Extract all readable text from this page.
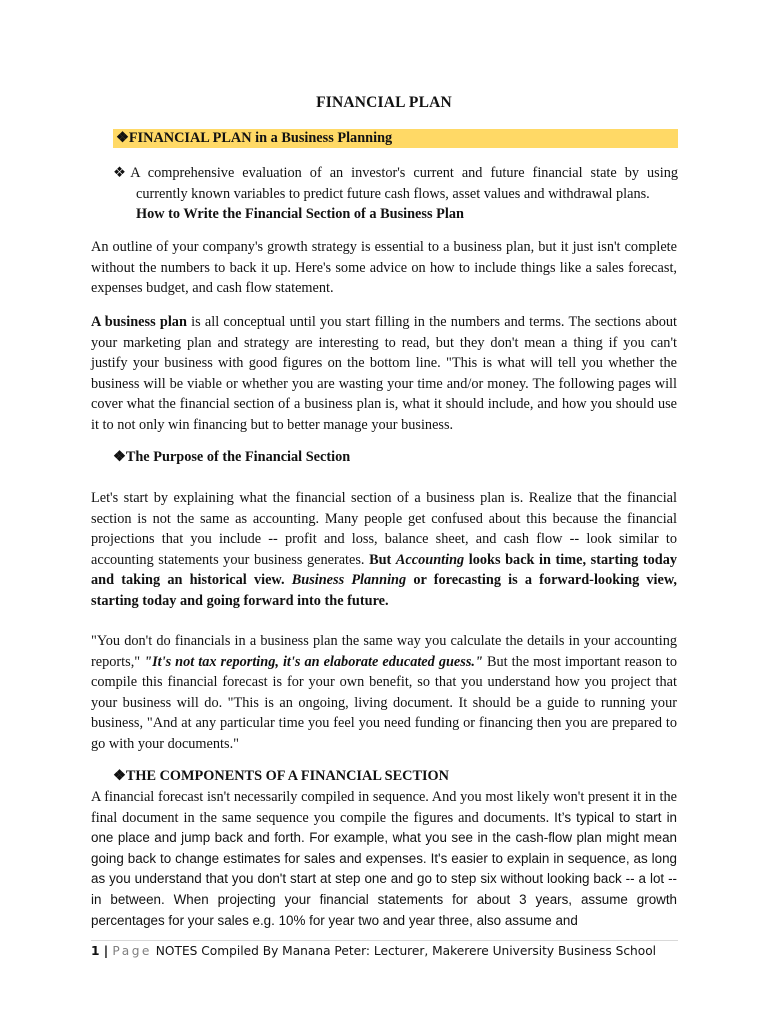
FINANCIAL PLAN
❖FINANCIAL PLAN in a Business Planning
❖A comprehensive evaluation of an investor's current and future financial state by using
currently known variables to predict future cash flows, asset values and withdrawal plans.
How to Write the Financial Section of a Business Plan

An outline of your company's growth strategy is essential to a business plan, but it just isn't complete without the numbers to back it up. Here's some advice on how to include things like a sales forecast, expenses budget, and cash flow statement.

A business plan is all conceptual until you start filling in the numbers and terms. The sections about your marketing plan and strategy are interesting to read, but they don't mean a thing if you can't justify your business with good figures on the bottom line. "This is what will tell you whether the business will be viable or whether you are wasting your time and/or money. The following pages will cover what the financial section of a business plan is, what it should include, and how you should use it to not only win financing but to better manage your business.

❖The Purpose of the Financial Section

Let's start by explaining what the financial section of a business plan is. Realize that the financial section is not the same as accounting. Many people get confused about this because the financial projections that you include -- profit and loss, balance sheet, and cash flow -- look similar to accounting statements your business generates. But Accounting looks back in time, starting today and taking an historical view. Business Planning or forecasting is a forward-looking view, starting today and going forward into the future.

"You don't do financials in a business plan the same way you calculate the details in your accounting reports," "It's not tax reporting, it's an elaborate educated guess." But the most important reason to compile this financial forecast is for your own benefit, so that you understand how you project that your business will do. "This is an ongoing, living document. It should be a guide to running your business, "And at any particular time you feel you need funding or financing then you are prepared to go with your documents."

❖THE COMPONENTS OF A FINANCIAL SECTION

A financial forecast isn't necessarily compiled in sequence. And you most likely won't present it in the final document in the same sequence you compile the figures and documents. It’s typical to start in one place and jump back and forth. For example, what you see in the cash-flow plan might mean going back to change estimates for sales and expenses. It's easier to explain in sequence, as long as you understand that you don't start at step one and go to step six without looking back -- a lot -- in between. When projecting your financial statements for about 3 years, assume growth percentages for your sales e.g. 10% for year two and year three, also assume and

1 | Page NOTES Compiled By Manana Peter: Lecturer, Makerere University Business School
